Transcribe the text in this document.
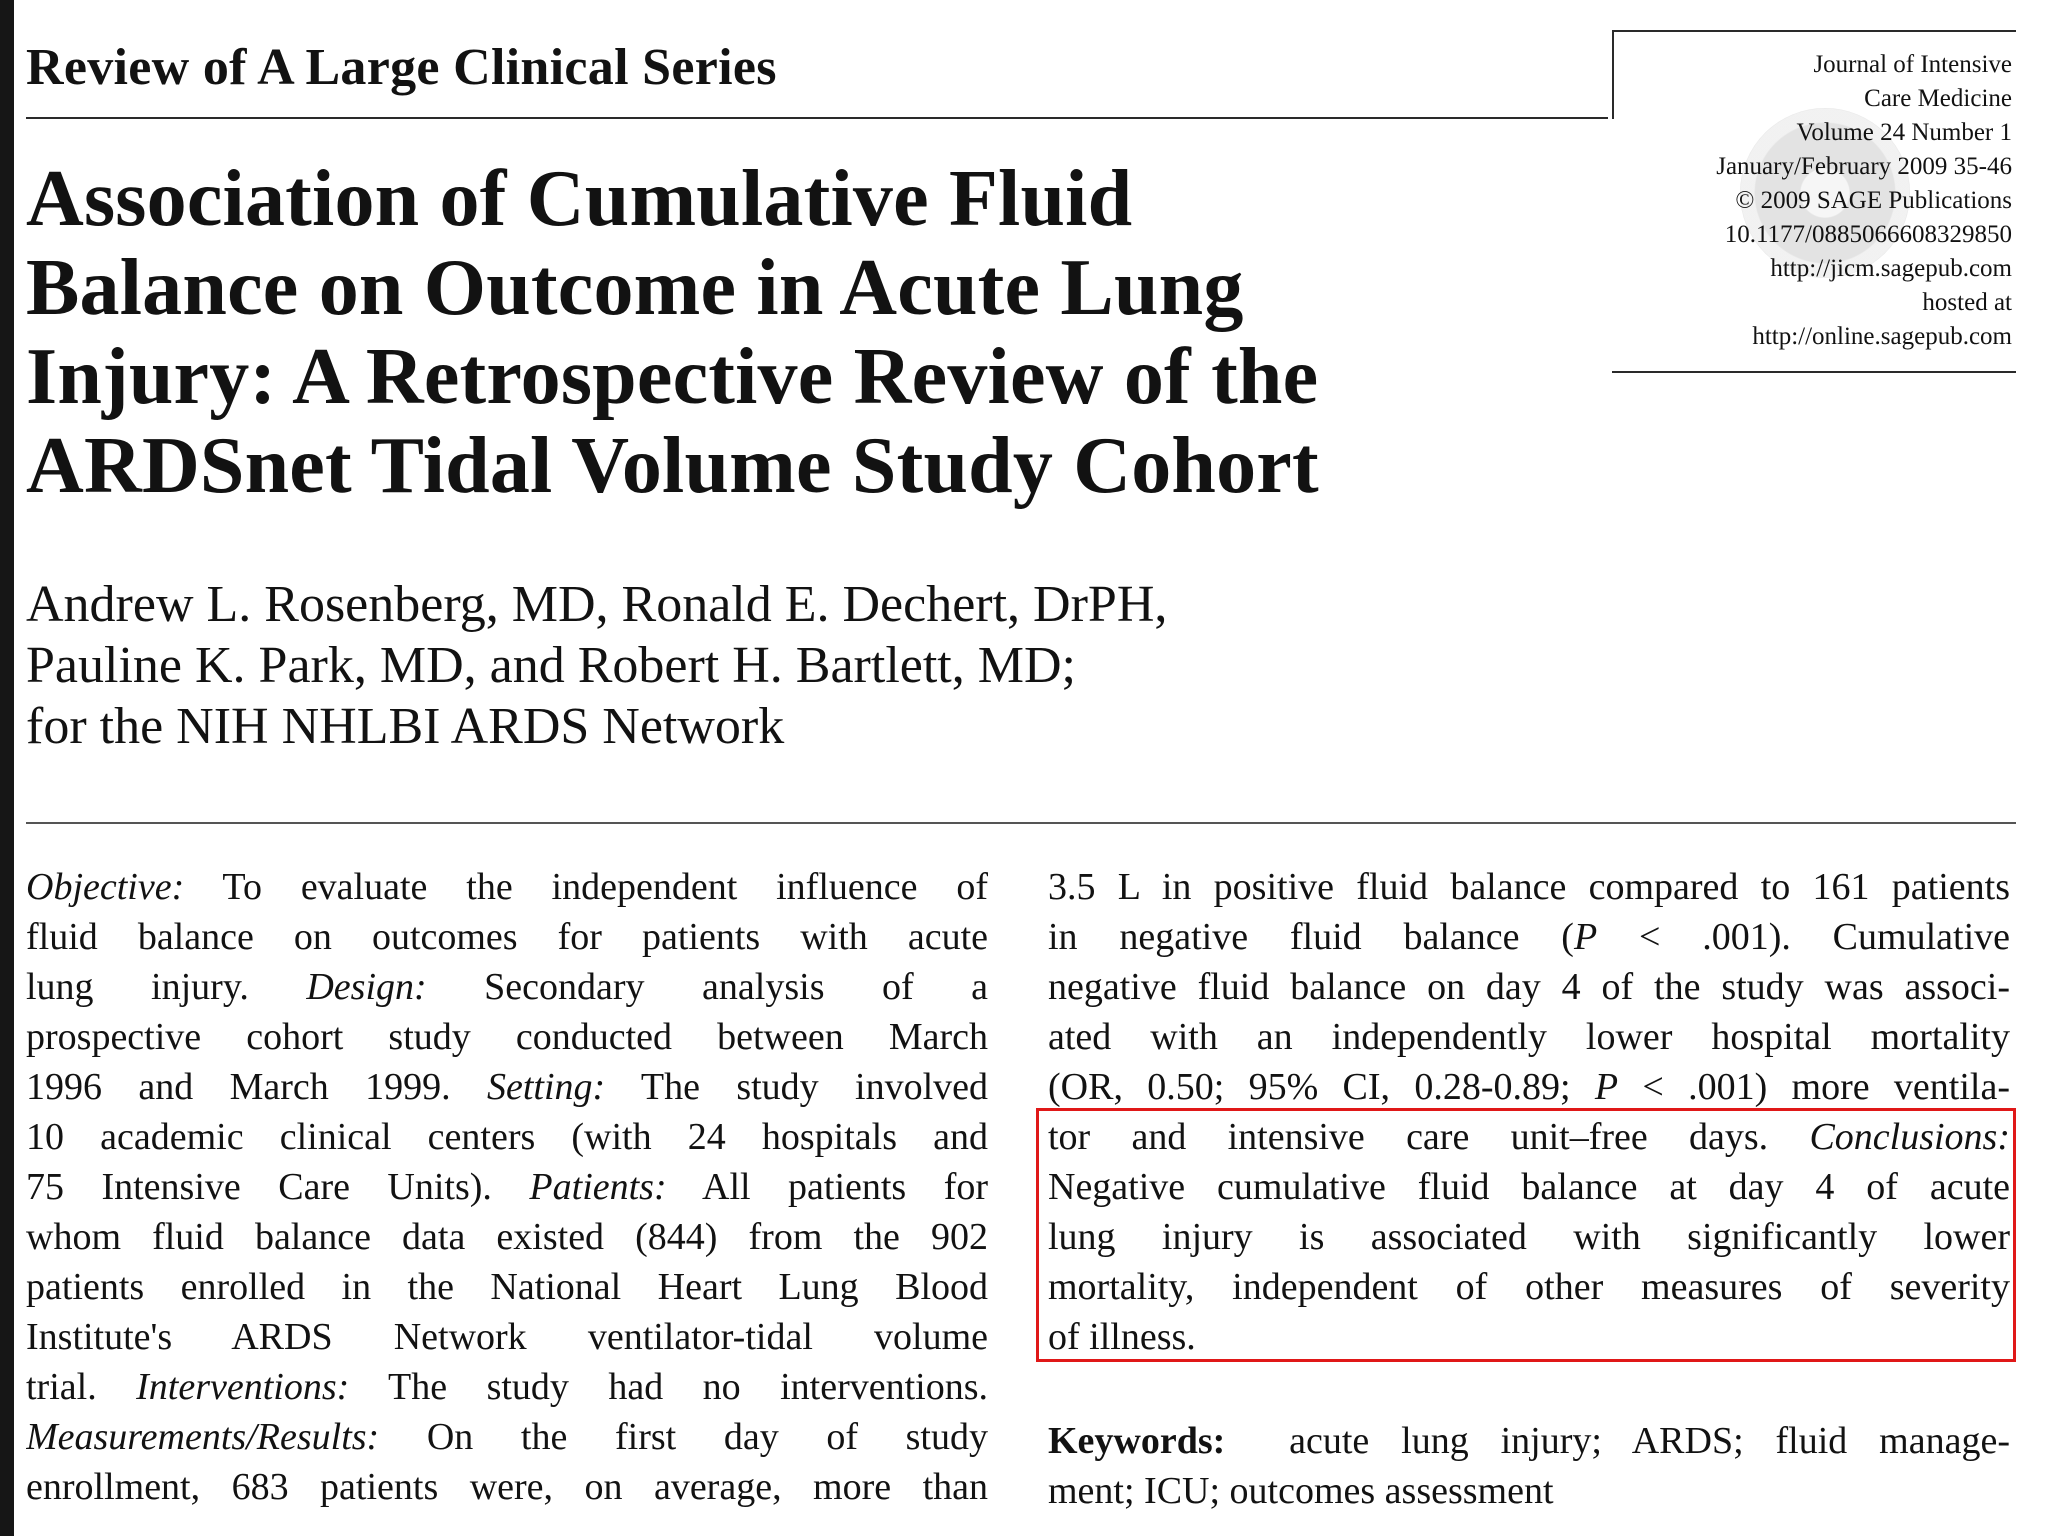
Review of A Large Clinical Series	Journal of Intensive
Care Medicine
Volume 24 Number 1
January/February 2009 35-46
© 2009 SAGE Publications
10.1177/0885066608329850
http://jicm.sagepub.com
hosted at
http://online.sagepub.com
Association of Cumulative Fluid
Balance on Outcome in Acute Lung
Injury: A Retrospective Review of the
ARDSnet Tidal Volume Study Cohort
Andrew L. Rosenberg, MD, Ronald E. Dechert, DrPH,
Pauline K. Park, MD, and Robert H. Bartlett, MD;
for the NIH NHLBI ARDS Network
Objective: To evaluate the independent influence of
fluid balance on outcomes for patients with acute
lung injury. Design: Secondary analysis of a
prospective cohort study conducted between March
1996 and March 1999. Setting: The study involved
10 academic clinical centers (with 24 hospitals and
75 Intensive Care Units). Patients: All patients for
whom fluid balance data existed (844) from the 902
patients enrolled in the National Heart Lung Blood
Institute's ARDS Network ventilator-tidal volume
trial. Interventions: The study had no interventions.
Measurements/Results: On the first day of study
enrollment, 683 patients were, on average, more than
3.5 L in positive fluid balance compared to 161 patients
in negative fluid balance (P < .001). Cumulative
negative fluid balance on day 4 of the study was associ-
ated with an independently lower hospital mortality
(OR, 0.50; 95% CI, 0.28-0.89; P < .001) more ventila-
tor and intensive care unit–free days. Conclusions:
Negative cumulative fluid balance at day 4 of acute
lung injury is associated with significantly lower
mortality, independent of other measures of severity
of illness.
Keywords: acute lung injury; ARDS; fluid manage-
ment; ICU; outcomes assessment
